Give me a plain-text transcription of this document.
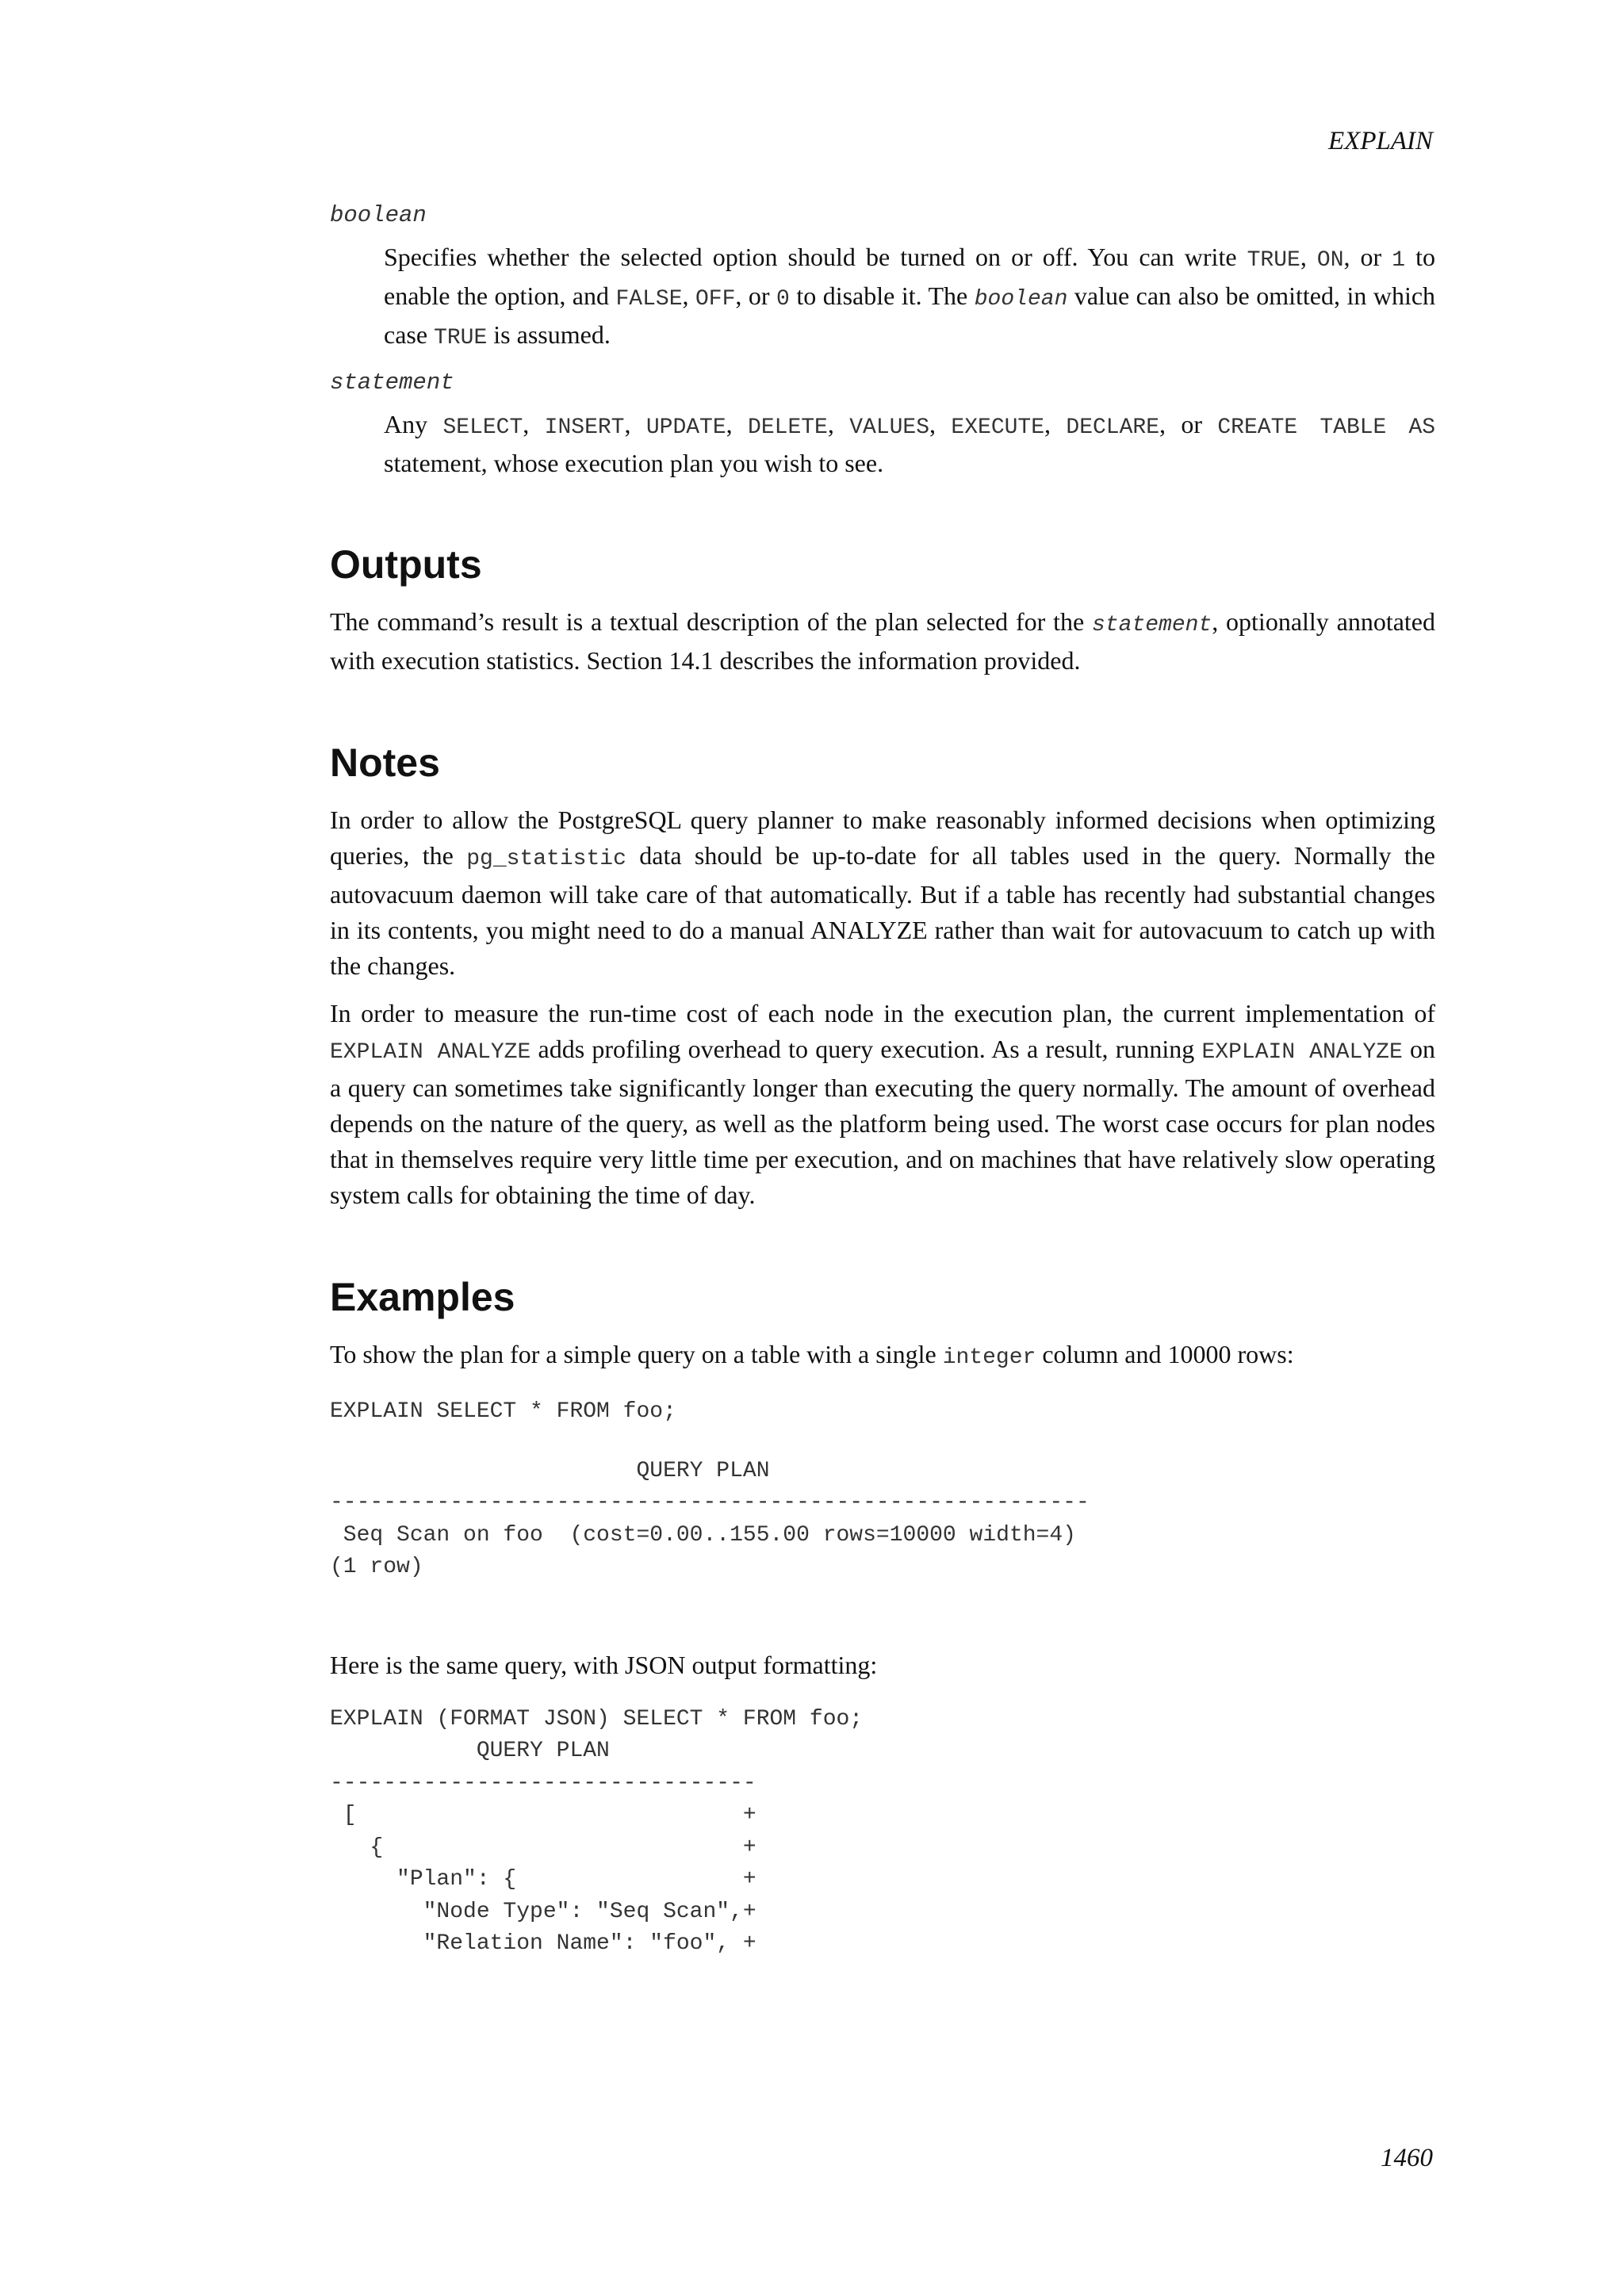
EXPLAIN
boolean
Specifies whether the selected option should be turned on or off. You can write TRUE, ON, or 1 to enable the option, and FALSE, OFF, or 0 to disable it. The boolean value can also be omitted, in which case TRUE is assumed.
statement
Any SELECT, INSERT, UPDATE, DELETE, VALUES, EXECUTE, DECLARE, or CREATE TABLE AS statement, whose execution plan you wish to see.
Outputs

The command’s result is a textual description of the plan selected for the statement, optionally annotated with execution statistics. Section 14.1 describes the information provided.

Notes

In order to allow the PostgreSQL query planner to make reasonably informed decisions when optimizing queries, the pg_statistic data should be up-to-date for all tables used in the query. Normally the autovacuum daemon will take care of that automatically. But if a table has recently had substantial changes in its contents, you might need to do a manual ANALYZE rather than wait for autovacuum to catch up with the changes.

In order to measure the run-time cost of each node in the execution plan, the current implementation of EXPLAIN ANALYZE adds profiling overhead to query execution. As a result, running EXPLAIN ANALYZE on a query can sometimes take significantly longer than executing the query normally. The amount of overhead depends on the nature of the query, as well as the platform being used. The worst case occurs for plan nodes that in themselves require very little time per execution, and on machines that have relatively slow operating system calls for obtaining the time of day.

Examples

To show the plan for a simple query on a table with a single integer column and 10000 rows:

EXPLAIN SELECT * FROM foo;
QUERY PLAN
---------------------------------------------------------
Seq Scan on foo  (cost=0.00..155.00 rows=10000 width=4)
(1 row)

Here is the same query, with JSON output formatting:

EXPLAIN (FORMAT JSON) SELECT * FROM foo;
QUERY PLAN
--------------------------------
[                             +
{                           +
"Plan": {                 +
"Node Type": "Seq Scan",+
"Relation Name": "foo", +
1460
